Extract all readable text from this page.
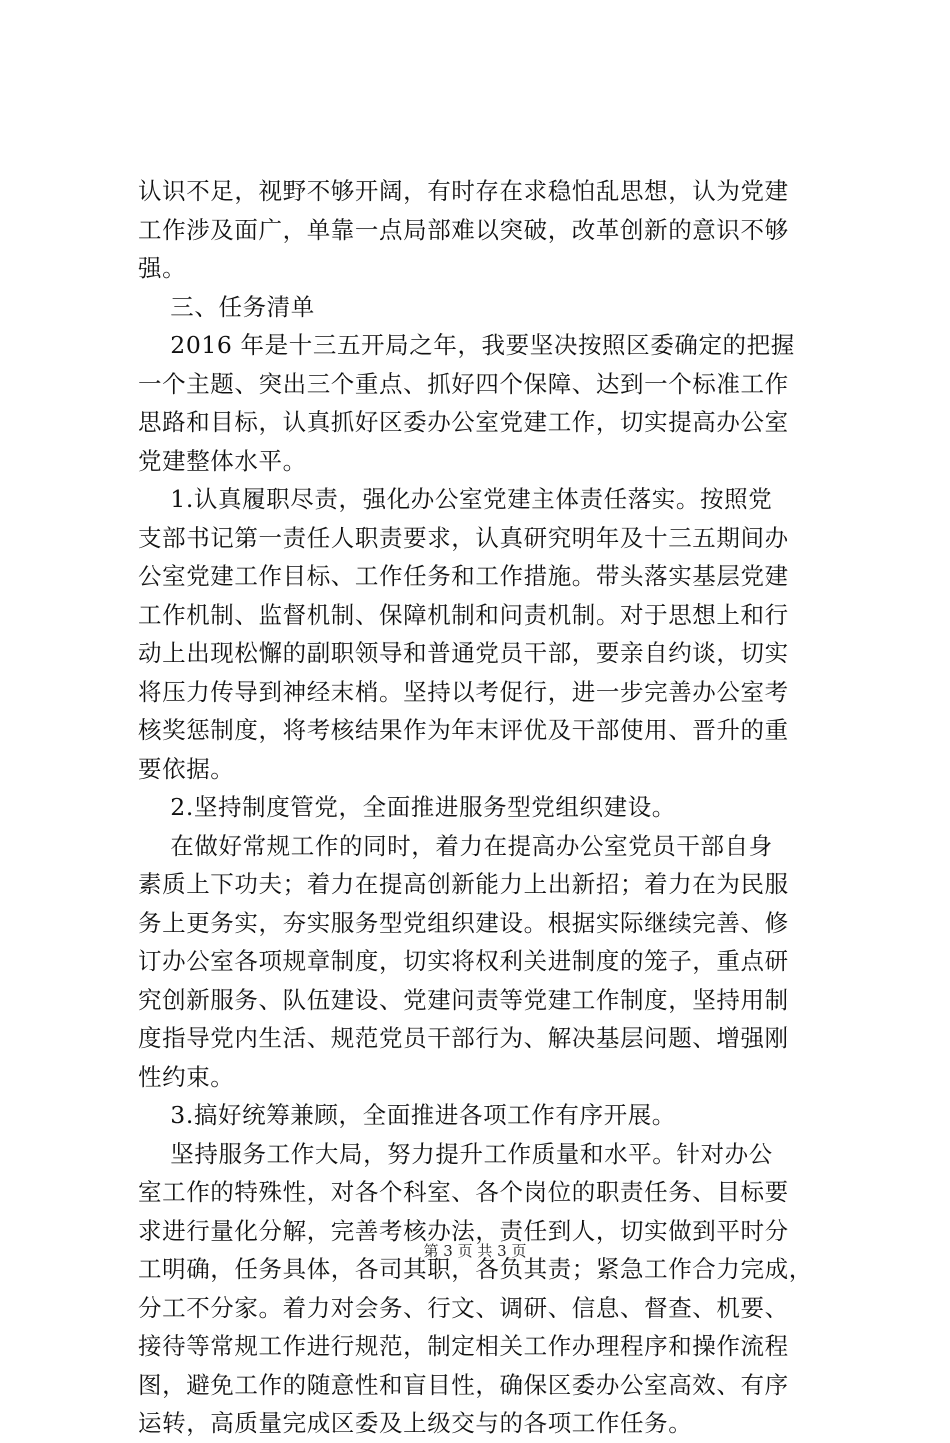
认识不足，视野不够开阔，有时存在求稳怕乱思想，认为党建
工作涉及面广，单靠一点局部难以突破，改革创新的意识不够
强。
三、任务清单
2016 年是十三五开局之年，我要坚决按照区委确定的把握
一个主题、突出三个重点、抓好四个保障、达到一个标准工作
思路和目标，认真抓好区委办公室党建工作，切实提高办公室
党建整体水平。
1.认真履职尽责，强化办公室党建主体责任落实。按照党
支部书记第一责任人职责要求，认真研究明年及十三五期间办
公室党建工作目标、工作任务和工作措施。带头落实基层党建
工作机制、监督机制、保障机制和问责机制。对于思想上和行
动上出现松懈的副职领导和普通党员干部，要亲自约谈，切实
将压力传导到神经末梢。坚持以考促行，进一步完善办公室考
核奖惩制度，将考核结果作为年末评优及干部使用、晋升的重
要依据。
2.坚持制度管党，全面推进服务型党组织建设。
在做好常规工作的同时，着力在提高办公室党员干部自身
素质上下功夫；着力在提高创新能力上出新招；着力在为民服
务上更务实，夯实服务型党组织建设。根据实际继续完善、修
订办公室各项规章制度，切实将权利关进制度的笼子，重点研
究创新服务、队伍建设、党建问责等党建工作制度，坚持用制
度指导党内生活、规范党员干部行为、解决基层问题、增强刚
性约束。
3.搞好统筹兼顾，全面推进各项工作有序开展。
坚持服务工作大局，努力提升工作质量和水平。针对办公
室工作的特殊性，对各个科室、各个岗位的职责任务、目标要
求进行量化分解，完善考核办法，责任到人，切实做到平时分
工明确，任务具体，各司其职，各负其责；紧急工作合力完成，
分工不分家。着力对会务、行文、调研、信息、督查、机要、
接待等常规工作进行规范，制定相关工作办理程序和操作流程
图，避免工作的随意性和盲目性，确保区委办公室高效、有序
运转，高质量完成区委及上级交与的各项工作任务。
第 3 页 共 3 页
